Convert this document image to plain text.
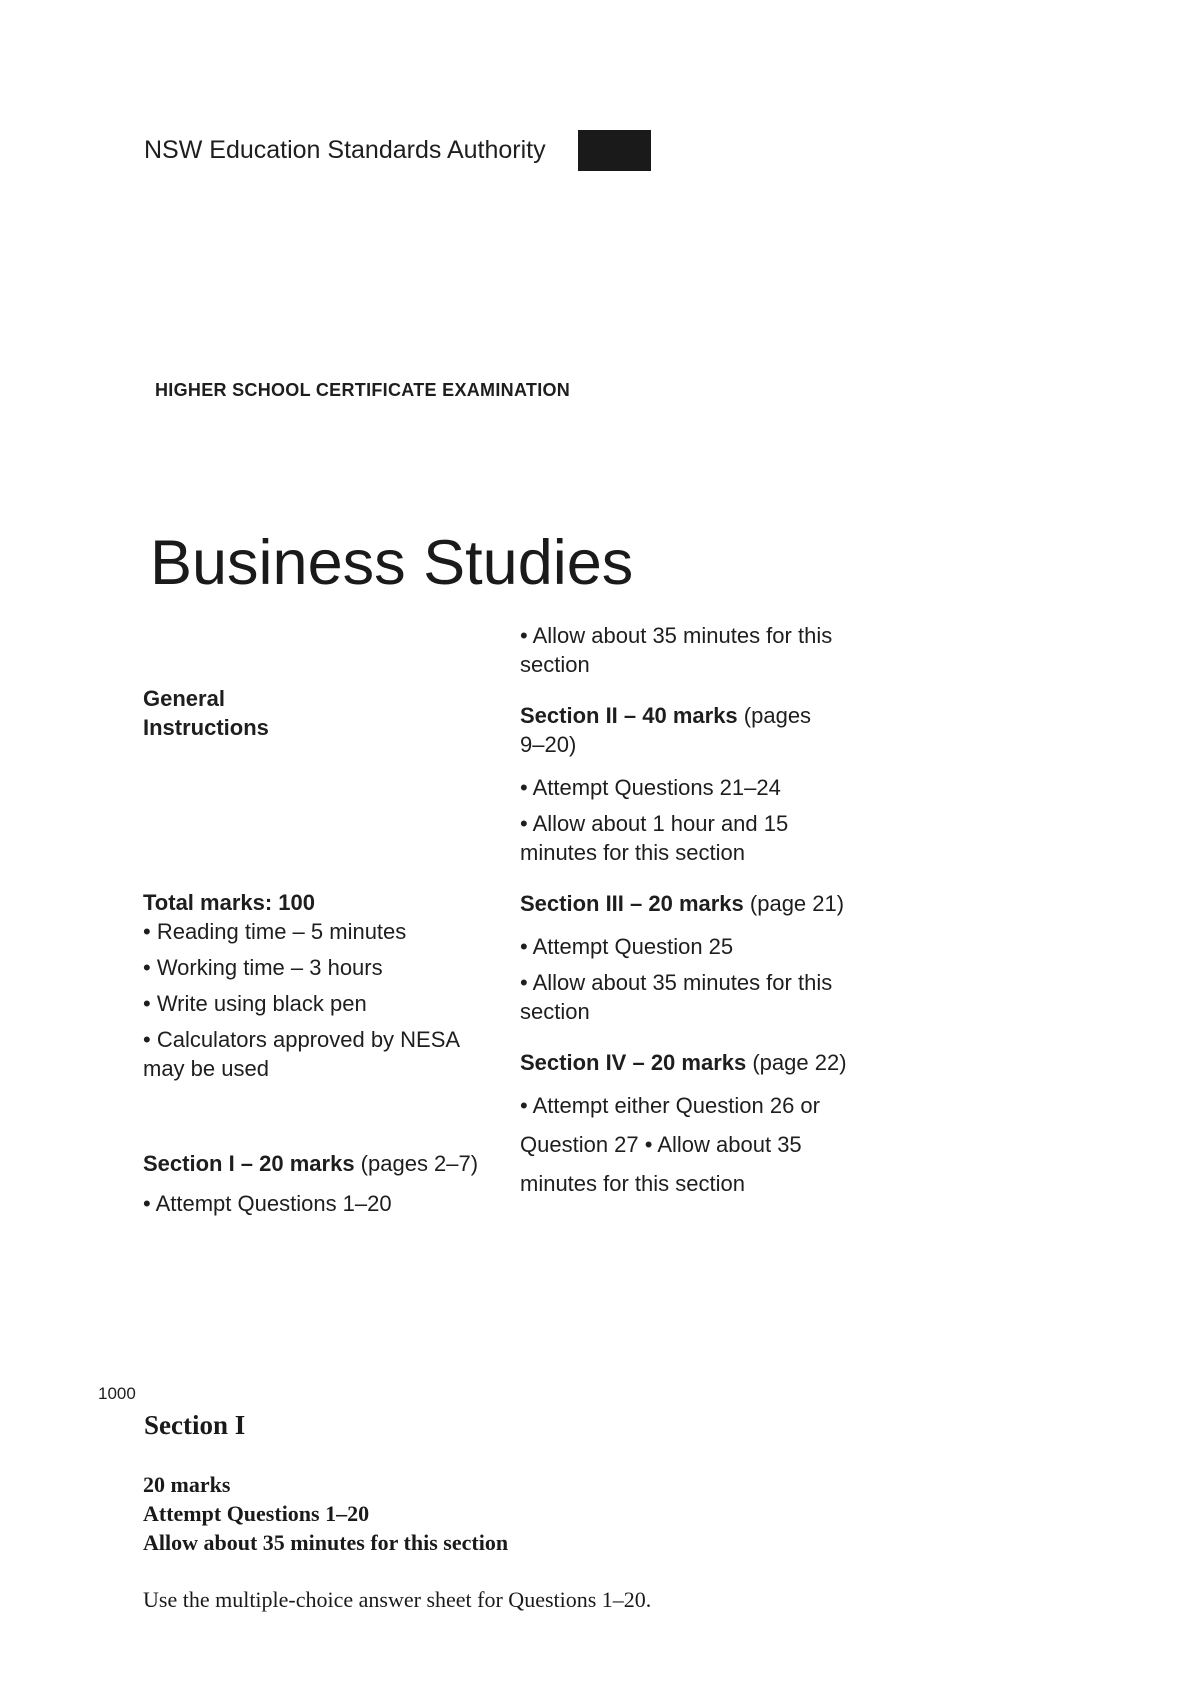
NSW Education Standards Authority
HIGHER SCHOOL CERTIFICATE EXAMINATION
Business Studies
General
Instructions
Total marks: 100
• Reading time – 5 minutes
• Working time – 3 hours
• Write using black pen
• Calculators approved by NESA
may be used
Section I – 20 marks (pages 2–7)
• Attempt Questions 1–20
• Allow about 35 minutes for this
section
Section II – 40 marks (pages
9–20)
• Attempt Questions 21–24
• Allow about 1 hour and 15
minutes for this section
Section III – 20 marks (page 21)
• Attempt Question 25
• Allow about 35 minutes for this
section
Section IV – 20 marks (page 22)
• Attempt either Question 26 or
Question 27 • Allow about 35
minutes for this section
1000
Section I
20 marks
Attempt Questions 1–20
Allow about 35 minutes for this section
Use the multiple-choice answer sheet for Questions 1–20.
